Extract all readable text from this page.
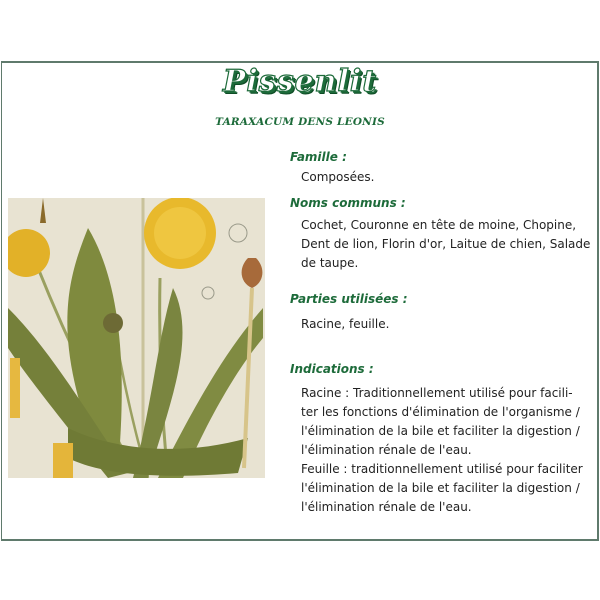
Pissenlit
TARAXACUM DENS LEONIS
Famille :
Composées.
Noms communs :
Cochet, Couronne en tête de moine, Chopine,
Dent de lion, Florin d'or, Laitue de chien, Salade
de taupe.
Parties utilisées :
Racine, feuille.
Indications :
Racine : Traditionnellement utilisé pour facili-
ter les fonctions d'élimination de l'organisme /
l'élimination de la bile et faciliter la digestion /
l'élimination rénale de l'eau.
Feuille : traditionnellement utilisé pour faciliter
l'élimination de la bile et faciliter la digestion /
l'élimination rénale de l'eau.
